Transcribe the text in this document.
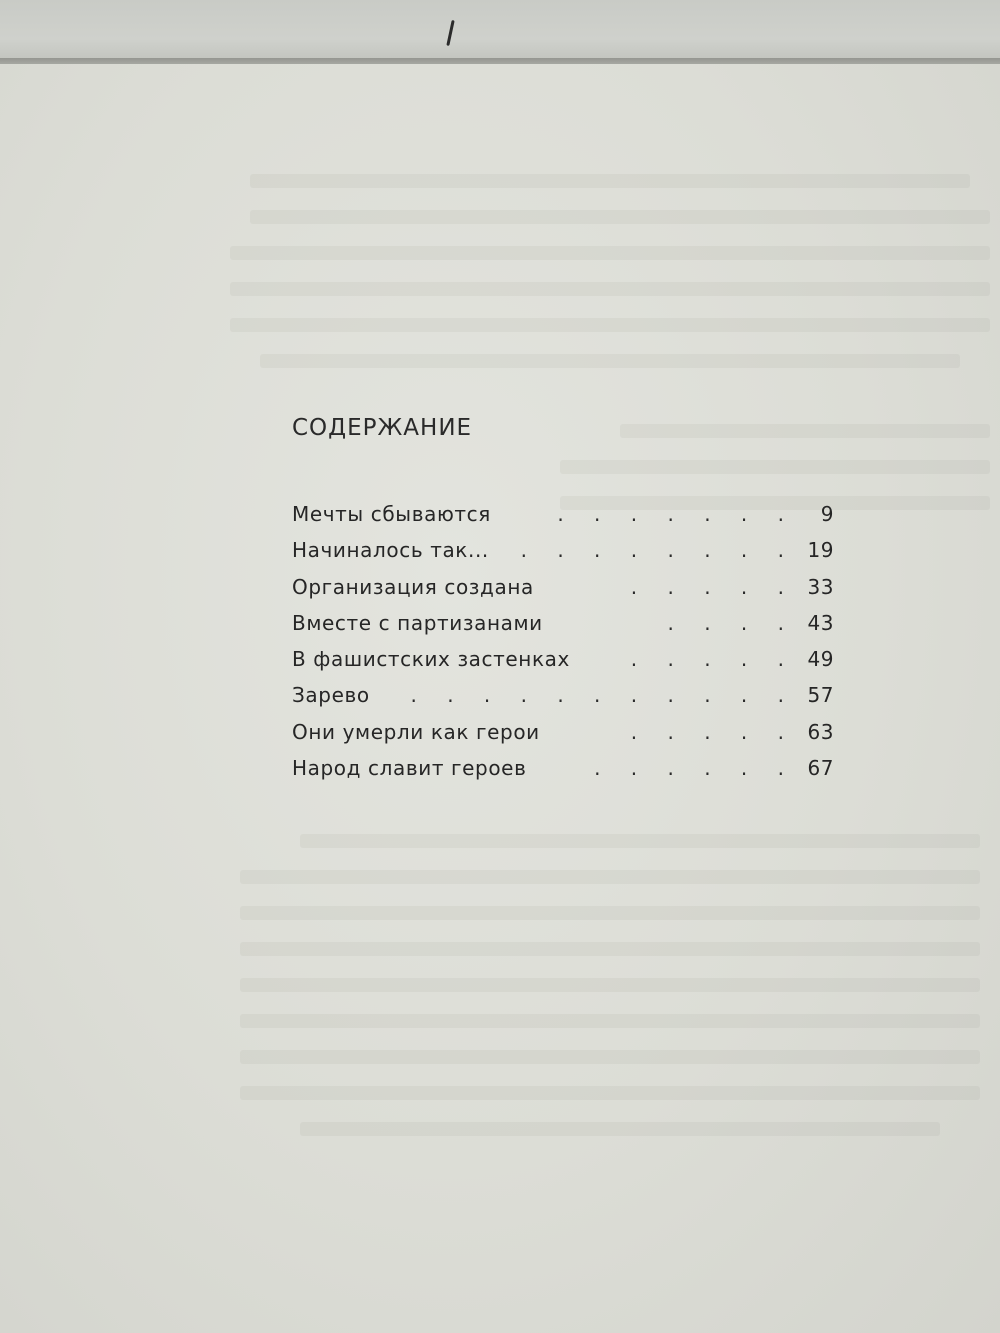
СОДЕРЖАНИЕ
Мечты сбываются	. . . . . . . 9
Начиналось так... . . . . . . . . 19
Организация создана	. . . . . 33
Вместе с партизанами	. . . . 43
В фашистских застенках	. . . . . 49
Зарево . . . . . . . . . . . 57
Они умерли как герои	. . . . . 63
Народ славит героев	. . . . . . 67
